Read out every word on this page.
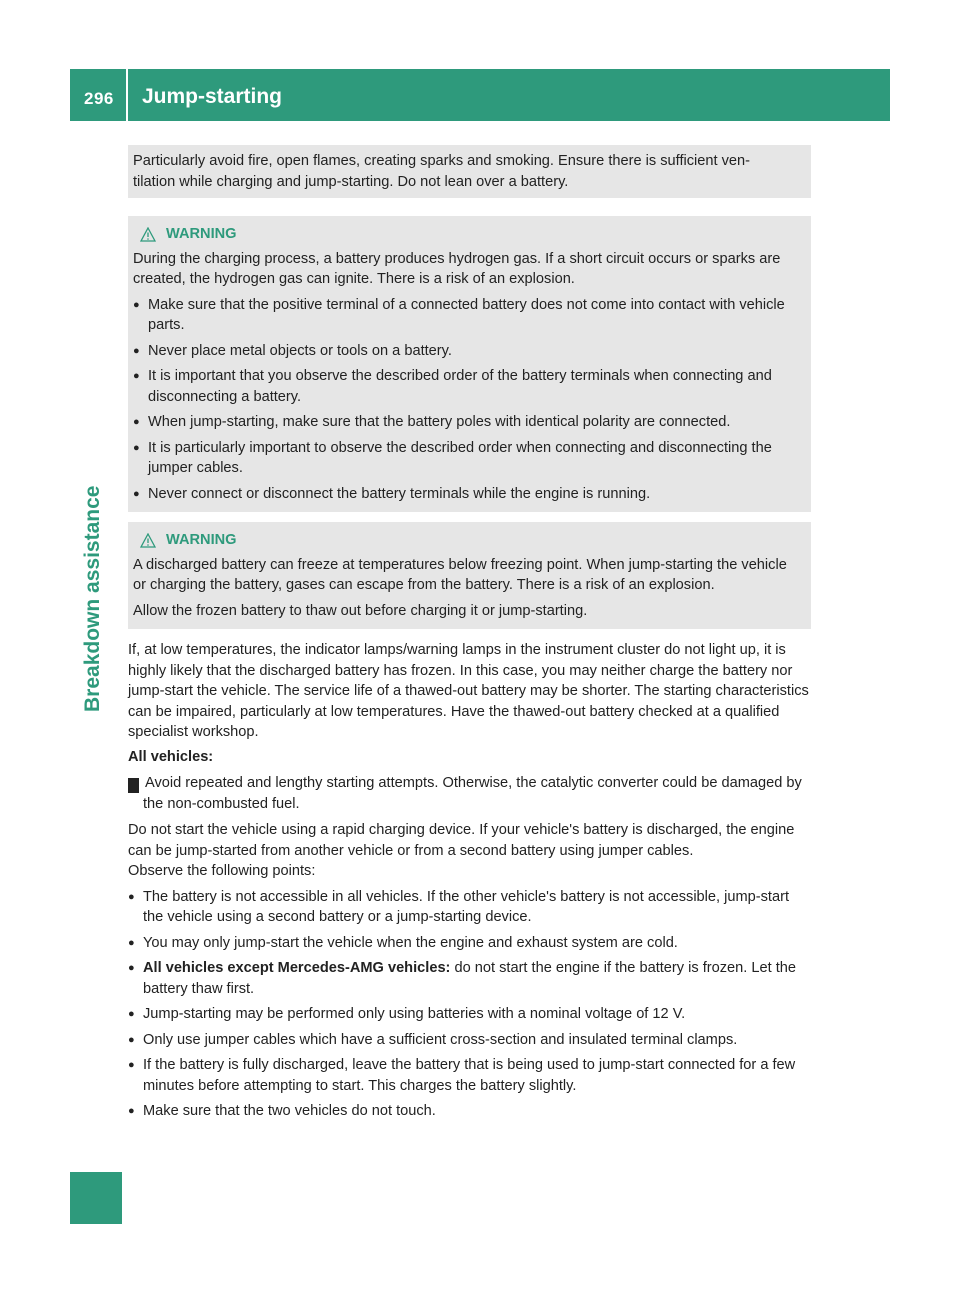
296 Jump-starting
Breakdown assistance

Particularly avoid fire, open flames, creating sparks and smoking. Ensure there is sufficient ven-

tilation while charging and jump-starting. Do not lean over a battery.

WARNING

During the charging process, a battery produces hydrogen gas. If a short circuit occurs or sparks are created, the hydrogen gas can ignite. There is a risk of an explosion.

● Make sure that the positive terminal of a connected battery does not come into contact with vehicle parts.
● Never place metal objects or tools on a battery.
● It is important that you observe the described order of the battery terminals when connecting and disconnecting a battery.
● When jump-starting, make sure that the battery poles with identical polarity are connected.
● It is particularly important to observe the described order when connecting and disconnecting the jumper cables.
● Never connect or disconnect the battery terminals while the engine is running.
WARNING

A discharged battery can freeze at temperatures below freezing point. When jump-starting the vehicle or charging the battery, gases can escape from the battery. There is a risk of an explosion.

Allow the frozen battery to thaw out before charging it or jump-starting.

If, at low temperatures, the indicator lamps/warning lamps in the instrument cluster do not light up, it is highly likely that the discharged battery has frozen. In this case, you may neither charge the battery nor jump-start the vehicle. The service life of a thawed-out battery may be shorter. The starting characteristics can be impaired, particularly at low temperatures. Have the thawed-out battery checked at a qualified specialist workshop.

All vehicles:

! Avoid repeated and lengthy starting attempts. Otherwise, the catalytic converter could be damaged by the non-combusted fuel.

Do not start the vehicle using a rapid charging device. If your vehicle's battery is discharged, the engine can be jump-started from another vehicle or from a second battery using jumper cables.

Observe the following points:

● The battery is not accessible in all vehicles. If the other vehicle's battery is not accessible, jump-start the vehicle using a second battery or a jump-starting device.
● You may only jump-start the vehicle when the engine and exhaust system are cold.
● All vehicles except Mercedes-AMG vehicles: do not start the engine if the battery is frozen. Let the battery thaw first.
● Jump-starting may be performed only using batteries with a nominal voltage of 12 V.
● Only use jumper cables which have a sufficient cross-section and insulated terminal clamps.
● If the battery is fully discharged, leave the battery that is being used to jump-start connected for a few minutes before attempting to start. This charges the battery slightly.
● Make sure that the two vehicles do not touch.
